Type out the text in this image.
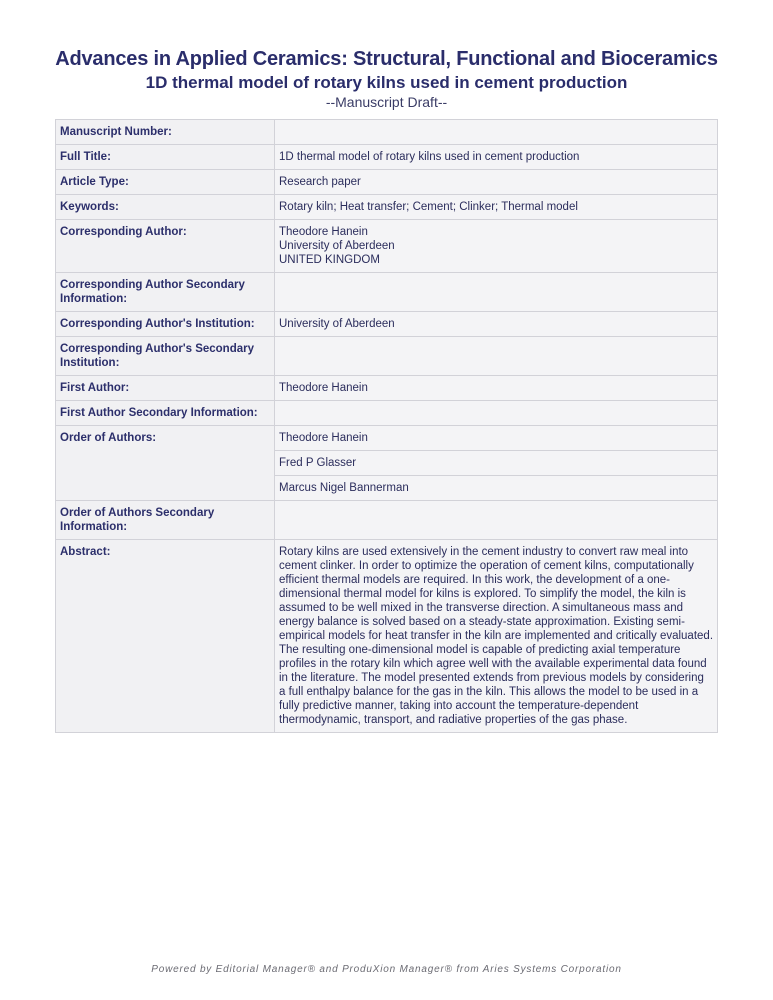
Advances in Applied Ceramics: Structural, Functional and Bioceramics
1D thermal model of rotary kilns used in cement production
--Manuscript Draft--
Manuscript Number:	
Full Title:	1D thermal model of rotary kilns used in cement production
Article Type:	Research paper
Keywords:	Rotary kiln; Heat transfer; Cement; Clinker; Thermal model
Corresponding Author:	Theodore Hanein
University of Aberdeen
UNITED KINGDOM

Corresponding Author Secondary Information:	
Corresponding Author's Institution:	University of Aberdeen
Corresponding Author's Secondary Institution:	
First Author:	Theodore Hanein
First Author Secondary Information:	
Order of Authors:	Theodore Hanein
	Fred P Glasser
	Marcus Nigel Bannerman
Order of Authors Secondary Information:	
Abstract:	Rotary kilns are used extensively in the cement industry to convert raw meal into cement clinker. In order to optimize the operation of cement kilns, computationally efficient thermal models are required. In this work, the development of a one-dimensional thermal model for kilns is explored. To simplify the model, the kiln is assumed to be well mixed in the transverse direction. A simultaneous mass and energy balance is solved based on a steady-state approximation. Existing semi-empirical models for heat transfer in the kiln are implemented and critically evaluated. The resulting one-dimensional model is capable of predicting axial temperature profiles in the rotary kiln which agree well with the available experimental data found in the literature. The model presented extends from previous models by considering a full enthalpy balance for the gas in the kiln. This allows the model to be used in a fully predictive manner, taking into account the temperature-dependent thermodynamic, transport, and radiative properties of the gas phase.
Powered by Editorial Manager® and ProduXion Manager® from Aries Systems Corporation
